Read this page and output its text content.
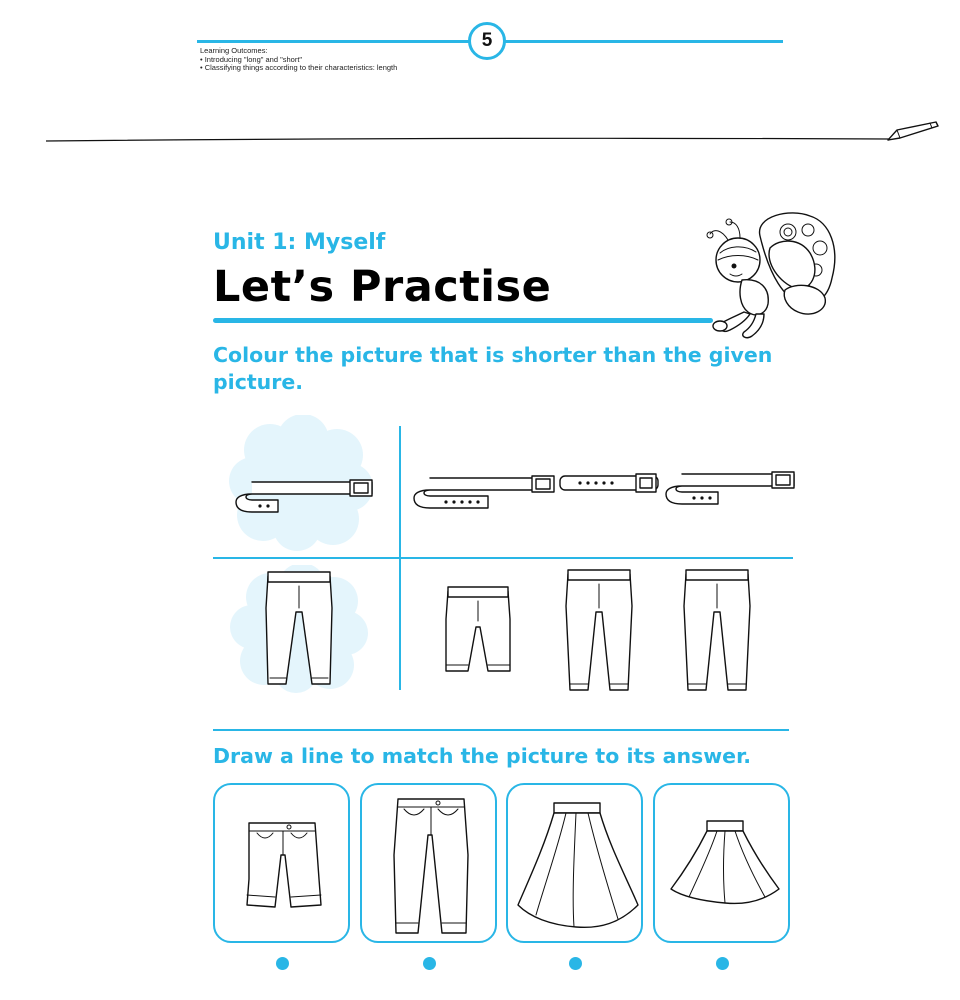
5
Learning Outcomes:
• Introducing "long" and "short"
• Classifying things according to their characteristics: length
Unit 1: Myself
Let’s Practise
Colour the picture that is shorter than the given picture.
Draw a line to match the picture to its answer.
